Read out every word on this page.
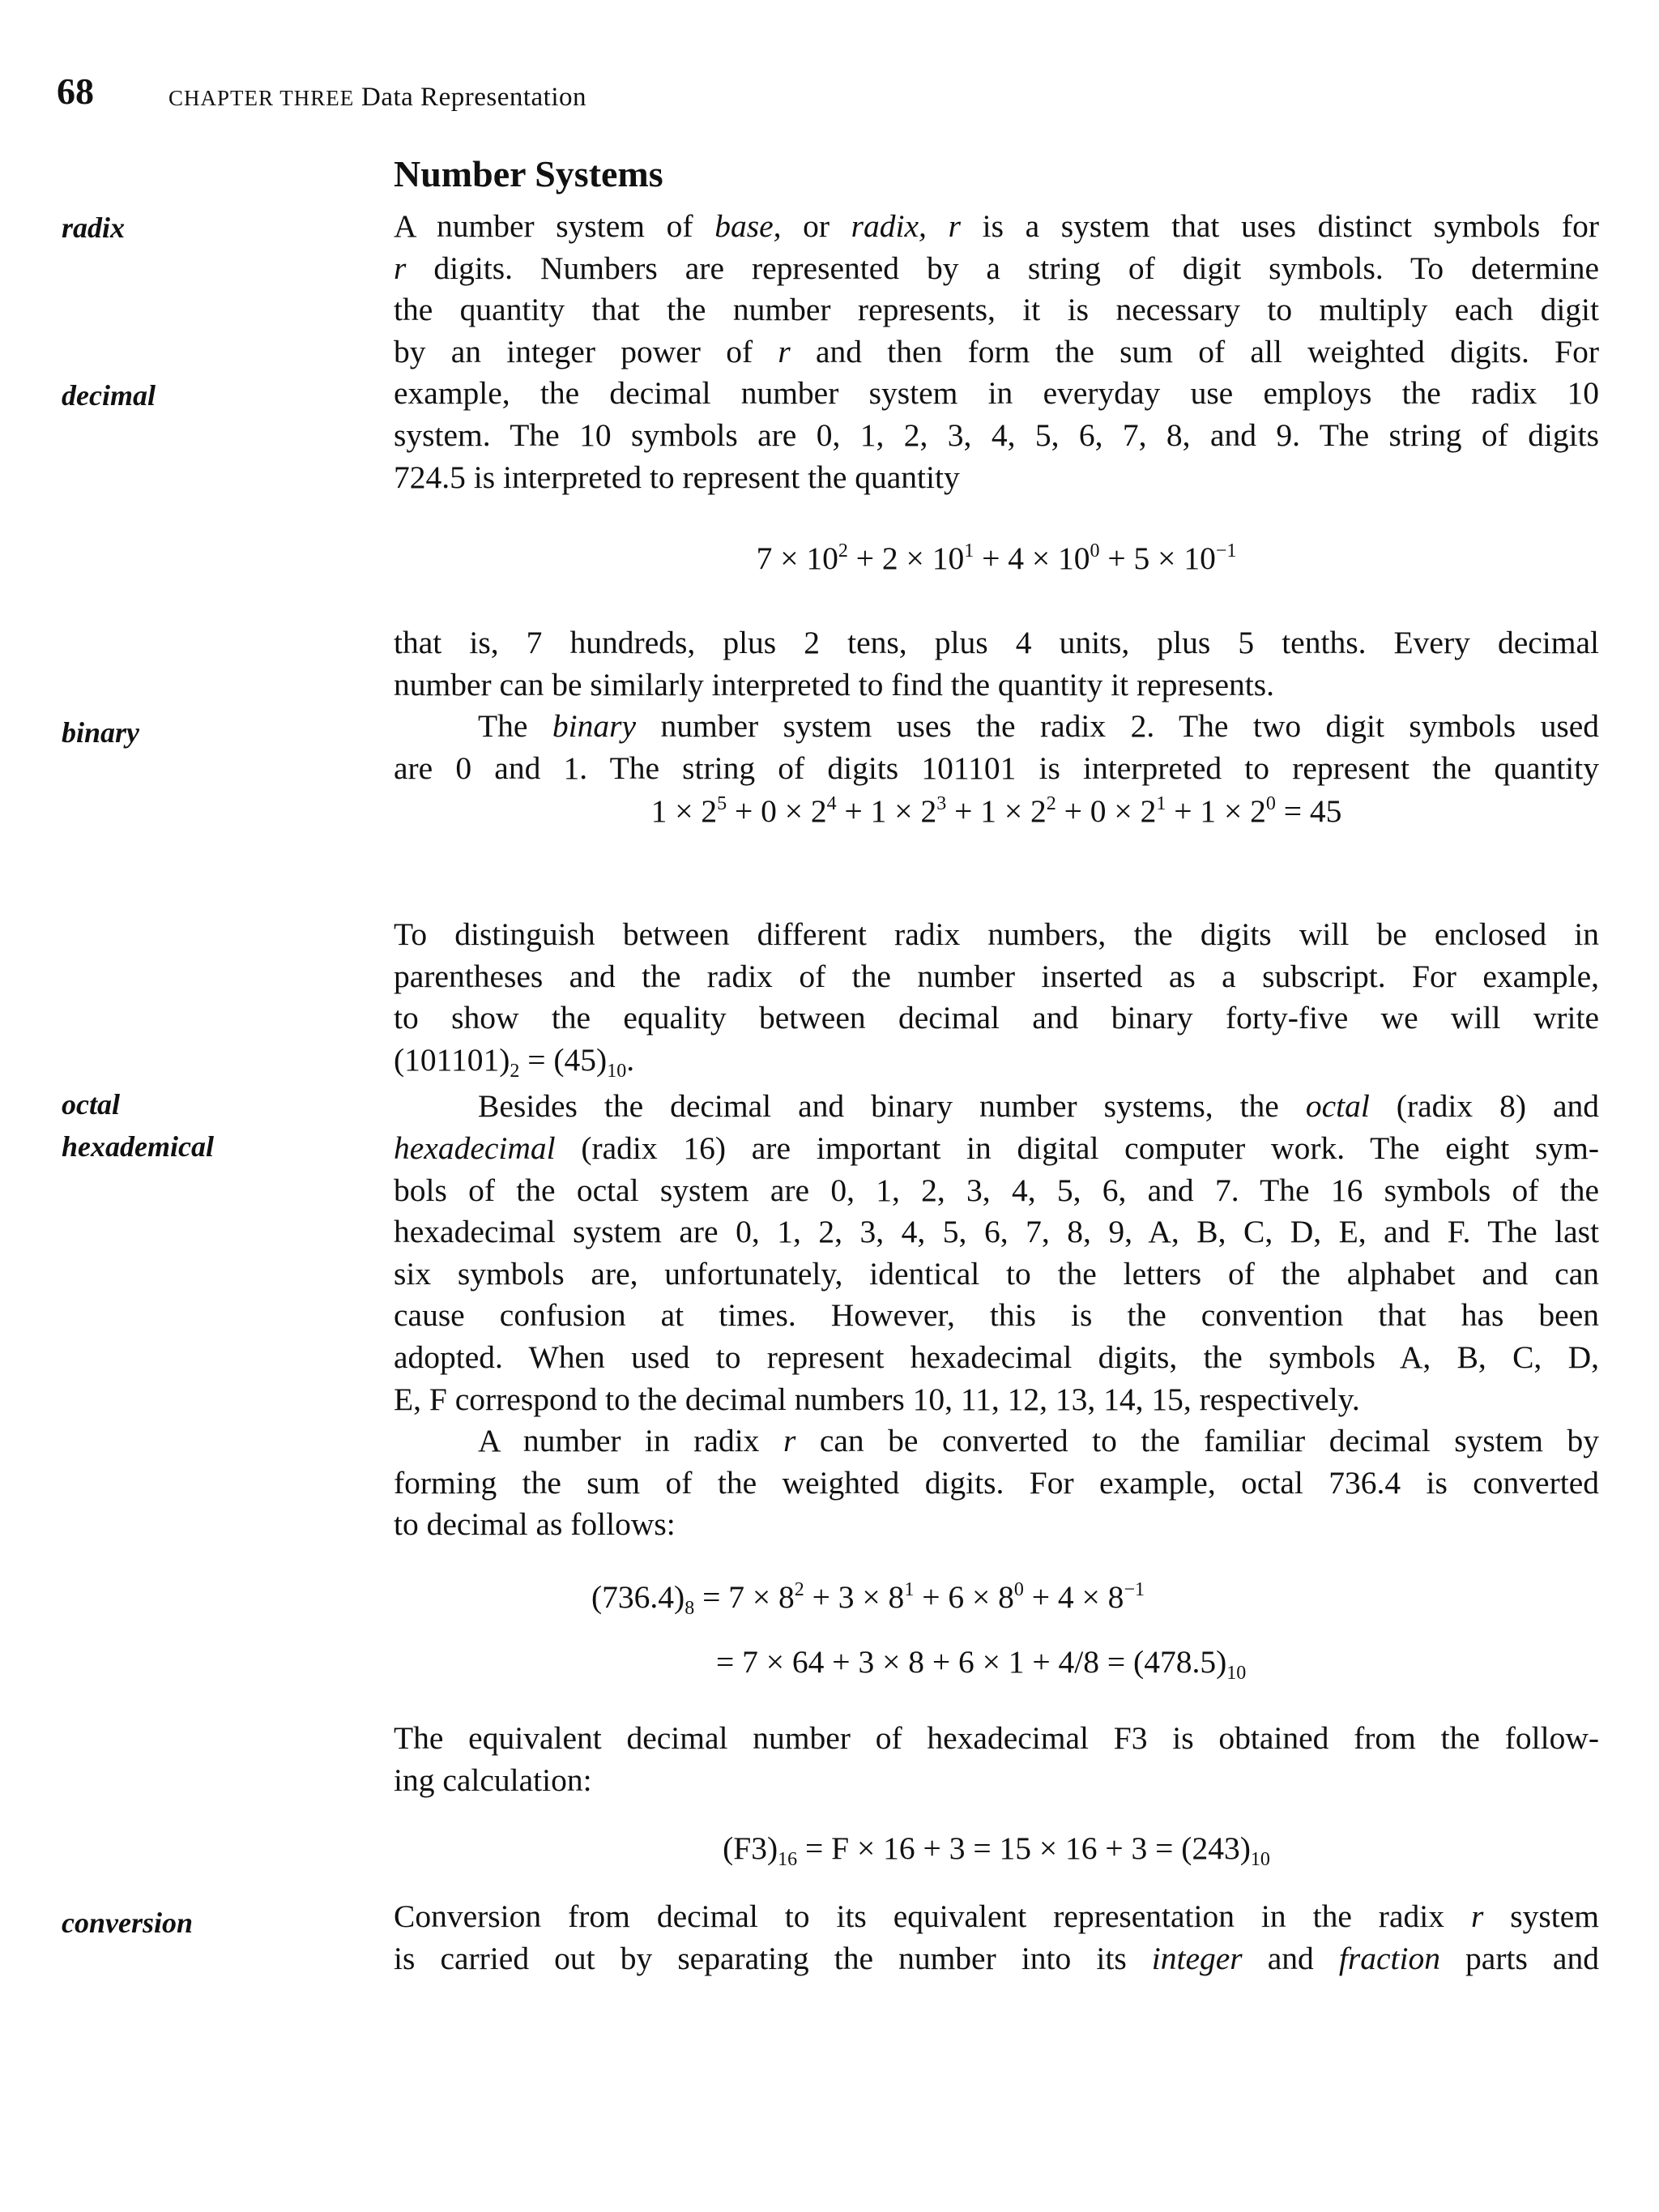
68	CHAPTER THREE Data Representation
Number Systems
radix
decimal
binary
octal
hexademical
conversion

A number system of base, or radix, r is a system that uses distinct symbols for
r digits. Numbers are represented by a string of digit symbols. To determine
the quantity that the number represents, it is necessary to multiply each digit
by an integer power of r and then form the sum of all weighted digits. For
example, the decimal number system in everyday use employs the radix 10
system. The 10 symbols are 0, 1, 2, 3, 4, 5, 6, 7, 8, and 9. The string of digits
724.5 is interpreted to represent the quantity

$7 \times 10^2 + 2 \times 10^1 + 4 \times 10^0 + 5 \times 10^{-1}$

that is, 7 hundreds, plus 2 tens, plus 4 units, plus 5 tenths. Every decimal
number can be similarly interpreted to find the quantity it represents.
The binary number system uses the radix 2. The two digit symbols used
are 0 and 1. The string of digits 101101 is interpreted to represent the quantity

$1 \times 2^5 + 0 \times 2^4 + 1 \times 2^3 + 1 \times 2^2 + 0 \times 2^1 + 1 \times 2^0 = 45$

To distinguish between different radix numbers, the digits will be enclosed in
parentheses and the radix of the number inserted as a subscript. For example,
to show the equality between decimal and binary forty-five we will write
$(101101)_2 = (45)_{10}$.
Besides the decimal and binary number systems, the octal (radix 8) and
hexadecimal (radix 16) are important in digital computer work. The eight sym-
bols of the octal system are 0, 1, 2, 3, 4, 5, 6, and 7. The 16 symbols of the
hexadecimal system are 0, 1, 2, 3, 4, 5, 6, 7, 8, 9, A, B, C, D, E, and F. The last
six symbols are, unfortunately, identical to the letters of the alphabet and can
cause confusion at times. However, this is the convention that has been
adopted. When used to represent hexadecimal digits, the symbols A, B, C, D,
E, F correspond to the decimal numbers 10, 11, 12, 13, 14, 15, respectively.
A number in radix r can be converted to the familiar decimal system by
forming the sum of the weighted digits. For example, octal 736.4 is converted
to decimal as follows:

$(736.4)_8 = 7 \times 8^2 + 3 \times 8^1 + 6 \times 8^0 + 4 \times 8^{-1}$
= $7 \times 64 + 3 \times 8 + 6 \times 1 + 4/8 = (478.5)_{10}$

The equivalent decimal number of hexadecimal F3 is obtained from the follow-
ing calculation:

$(F3)_{16} = F \times 16 + 3 = 15 \times 16 + 3 = (243)_{10}$

Conversion from decimal to its equivalent representation in the radix r system
is carried out by separating the number into its integer and fraction parts and
